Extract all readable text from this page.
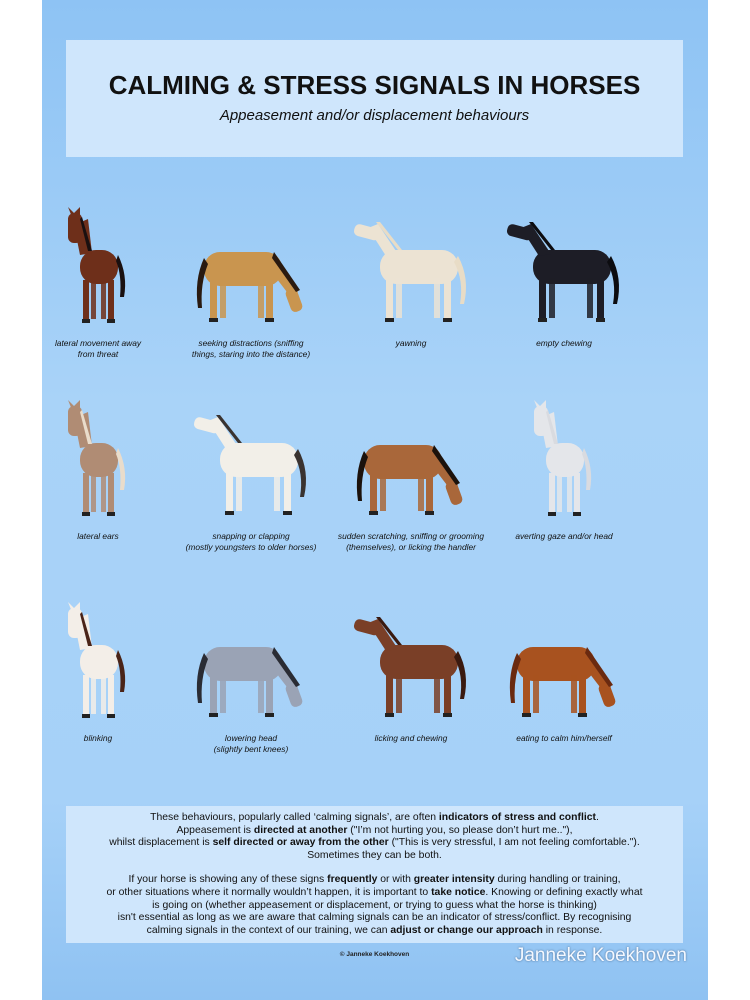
CALMING & STRESS SIGNALS IN HORSES
Appeasement and/or displacement behaviours
lateral movement away
from threat
seeking distractions (sniffing
things, staring into the distance)
yawning	empty chewing
lateral ears	snapping or clapping
(mostly youngsters to older horses)
sudden scratching, sniffing or grooming
(themselves), or licking the handler
averting gaze and/or head
blinking	lowering head
(slightly bent knees)
licking and chewing	eating to calm him/herself

These behaviours, popularly called ‘calming signals’, are often indicators of stress and conflict.
Appeasement is directed at another ("I’m not hurting you, so please don’t hurt me.."),
whilst displacement is self directed or away from the other ("This is very stressful, I am not feeling comfortable.").
Sometimes they can be both.

If your horse is showing any of these signs frequently or with greater intensity during handling or training,
or other situations where it normally wouldn’t happen, it is important to take notice. Knowing or defining exactly what
is going on (whether appeasement or displacement, or trying to guess what the horse is thinking)
isn't essential as long as we are aware that calming signals can be an indicator of stress/conflict. By recognising
calming signals in the context of our training, we can adjust or change our approach in response.

© Janneke Koekhoven	Janneke Koekhoven
